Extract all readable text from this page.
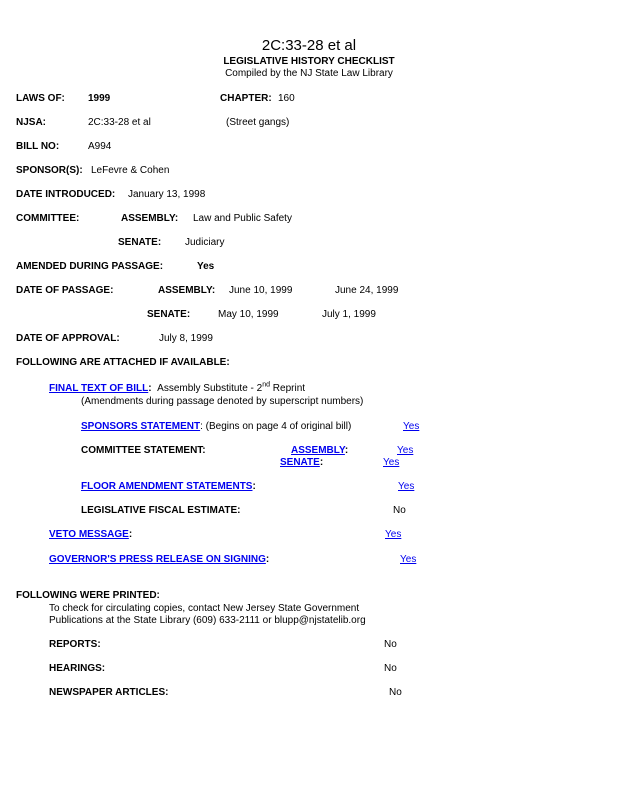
2C:33-28 et al
LEGISLATIVE HISTORY CHECKLIST
Compiled by the NJ State Law Library
LAWS OF: 1999	CHAPTER: 160
NJSA:	2C:33-28 et al	(Street gangs)
BILL NO:	A994
SPONSOR(S): LeFevre & Cohen
DATE INTRODUCED: January 13, 1998
COMMITTEE:	ASSEMBLY: Law and Public Safety
SENATE: Judiciary
AMENDED DURING PASSAGE:	Yes
DATE OF PASSAGE:	ASSEMBLY: June 10, 1999	June 24, 1999
SENATE:	May 10, 1999	July 1, 1999
DATE OF APPROVAL:	July 8, 1999
FOLLOWING ARE ATTACHED IF AVAILABLE:
FINAL TEXT OF BILL: Assembly Substitute - 2nd Reprint
(Amendments during passage denoted by superscript numbers)
SPONSORS STATEMENT: (Begins on page 4 of original bill)	Yes
COMMITTEE STATEMENT:	ASSEMBLY:	Yes
SENATE:	Yes
FLOOR AMENDMENT STATEMENTS:	Yes
LEGISLATIVE FISCAL ESTIMATE:	No
VETO MESSAGE:	Yes
GOVERNOR'S PRESS RELEASE ON SIGNING:	Yes
FOLLOWING WERE PRINTED:
To check for circulating copies, contact New Jersey State Government
Publications at the State Library (609) 633-2111 or blupp@njstatelib.org
REPORTS:	No
HEARINGS:	No
NEWSPAPER ARTICLES:	No
